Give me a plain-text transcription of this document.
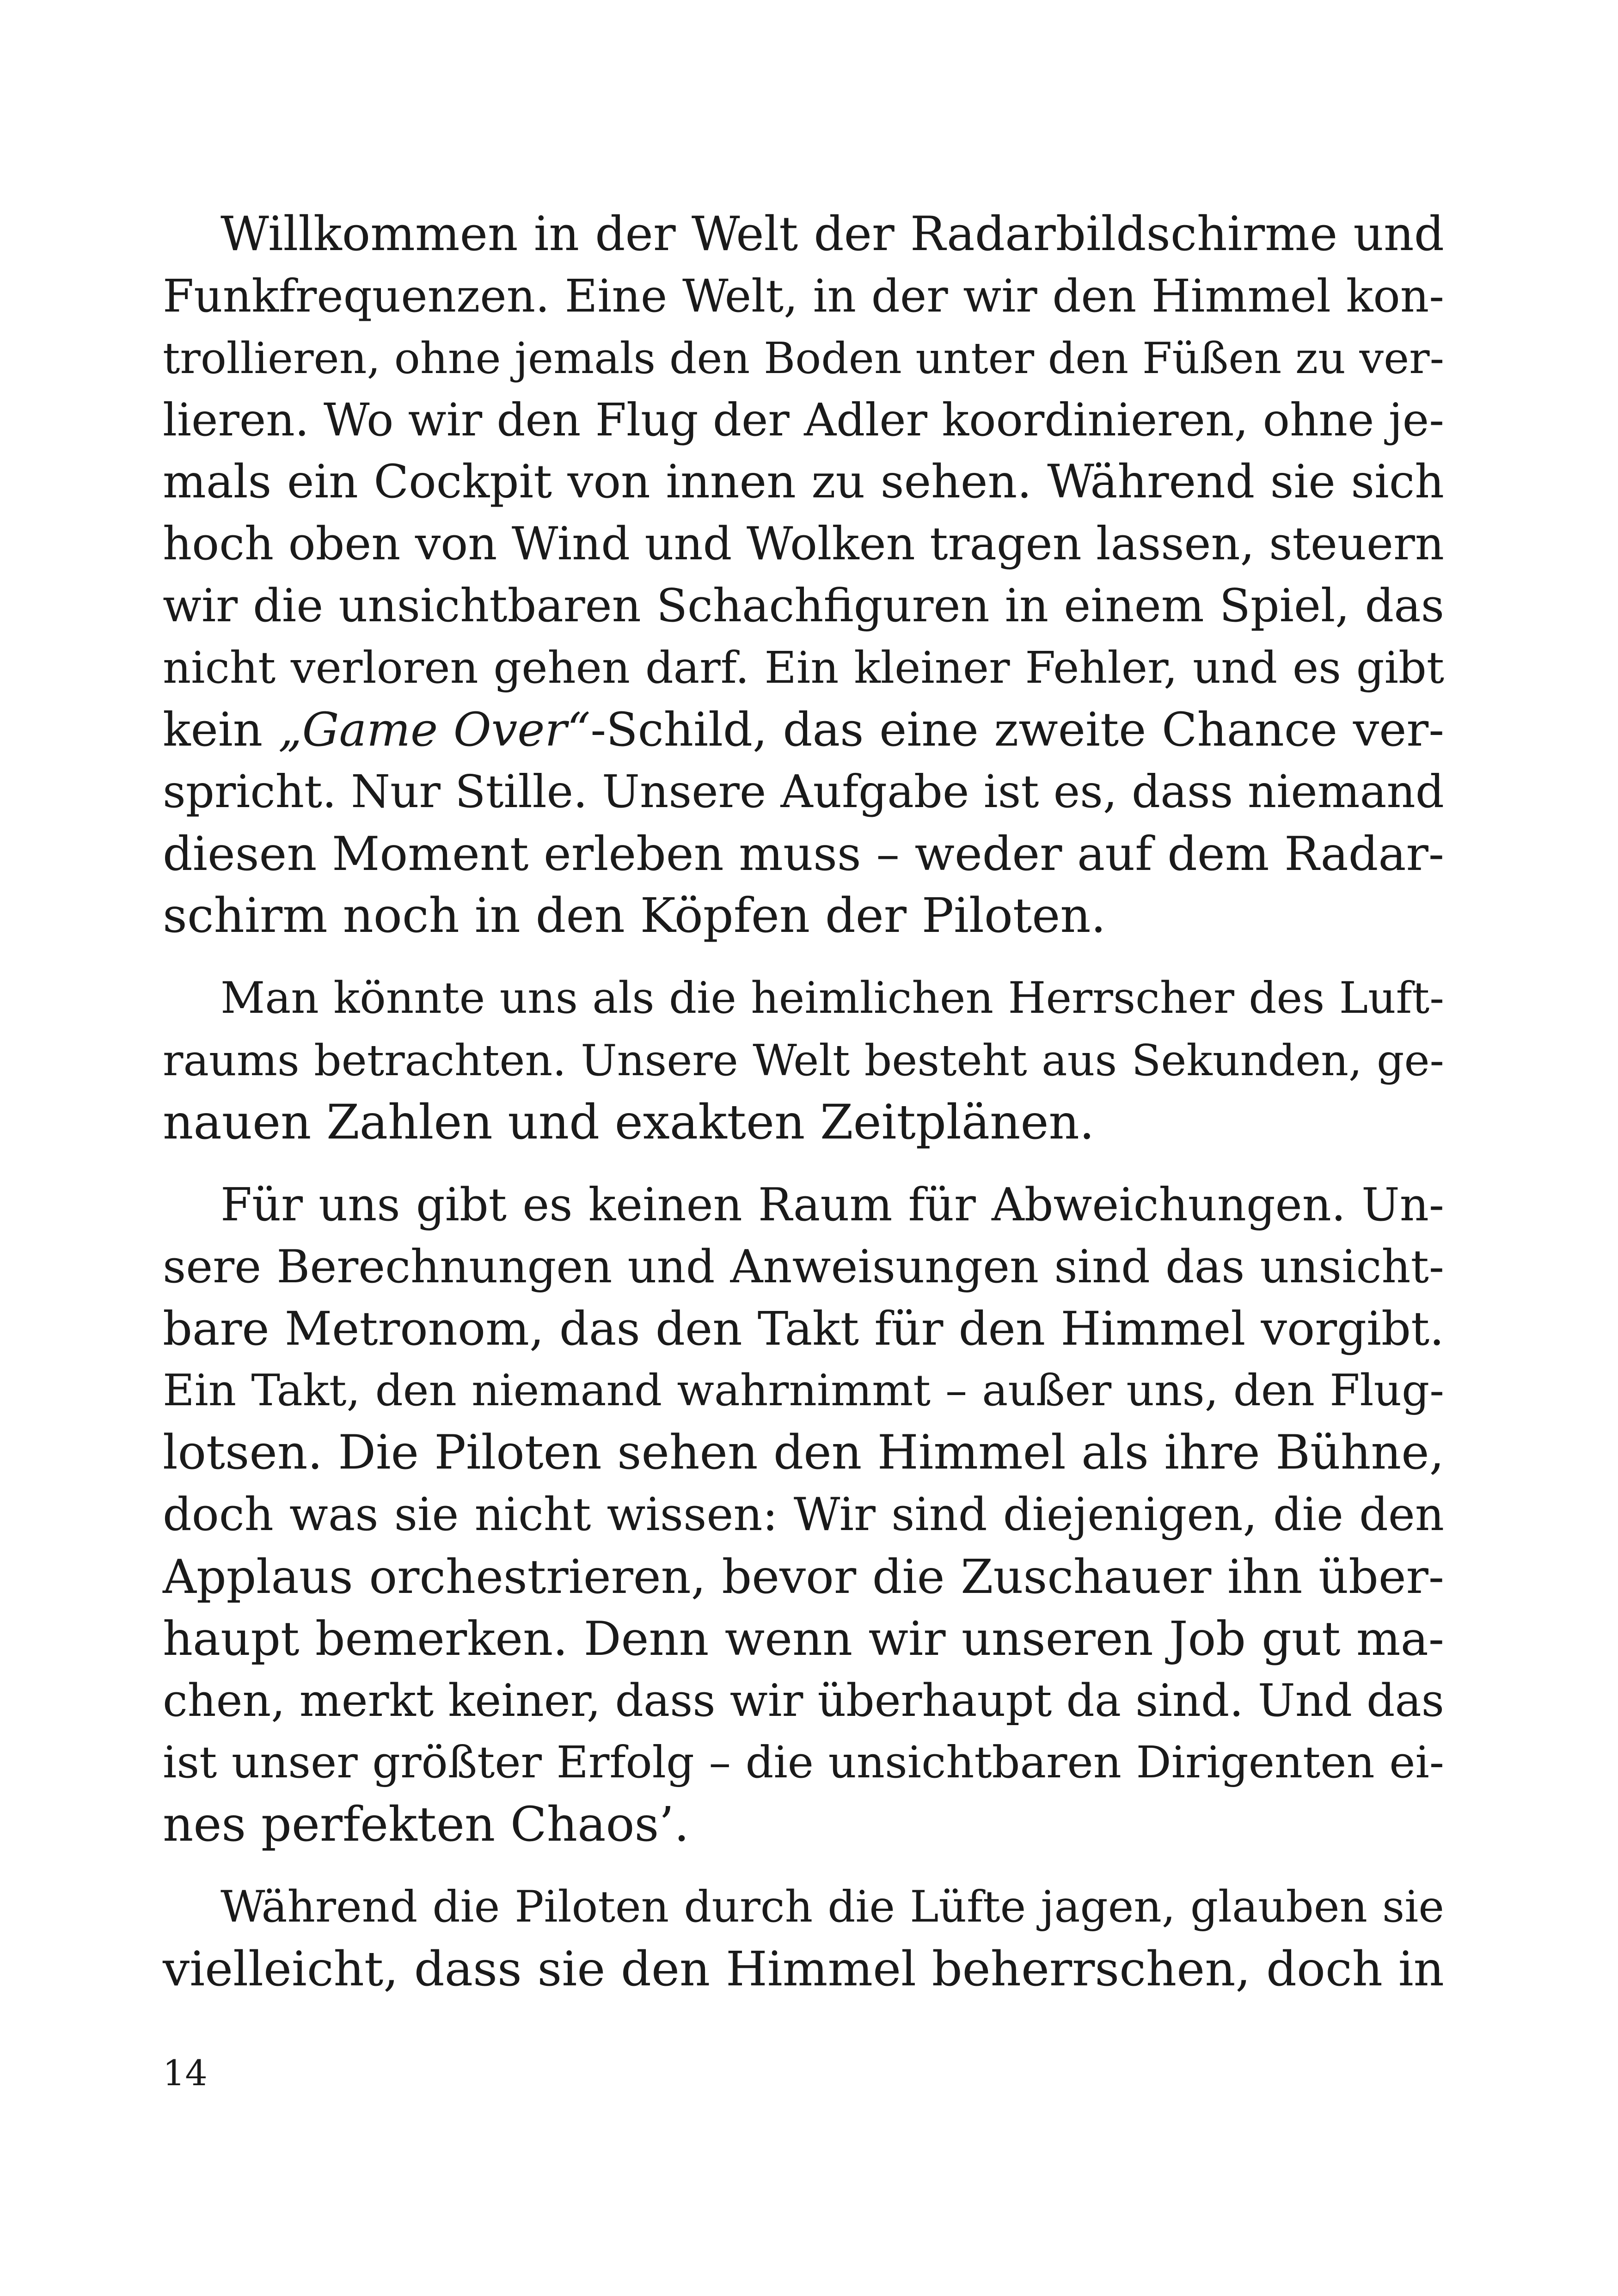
Willkommen in der Welt der Radarbildschirme und
Funkfrequenzen. Eine Welt, in der wir den Himmel kon-
trollieren, ohne jemals den Boden unter den Füßen zu ver-
lieren. Wo wir den Flug der Adler koordinieren, ohne je-
mals ein Cockpit von innen zu sehen. Während sie sich
hoch oben von Wind und Wolken tragen lassen, steuern
wir die unsichtbaren Schachfiguren in einem Spiel, das
nicht verloren gehen darf. Ein kleiner Fehler, und es gibt
kein „Game Over“-Schild, das eine zweite Chance ver-
spricht. Nur Stille. Unsere Aufgabe ist es, dass niemand
diesen Moment erleben muss – weder auf dem Radar-
schirm noch in den Köpfen der Piloten.
Man könnte uns als die heimlichen Herrscher des Luft-
raums betrachten. Unsere Welt besteht aus Sekunden, ge-
nauen Zahlen und exakten Zeitplänen.
Für uns gibt es keinen Raum für Abweichungen. Un-
sere Berechnungen und Anweisungen sind das unsicht-
bare Metronom, das den Takt für den Himmel vorgibt.
Ein Takt, den niemand wahrnimmt – außer uns, den Flug-
lotsen. Die Piloten sehen den Himmel als ihre Bühne,
doch was sie nicht wissen: Wir sind diejenigen, die den
Applaus orchestrieren, bevor die Zuschauer ihn über-
haupt bemerken. Denn wenn wir unseren Job gut ma-
chen, merkt keiner, dass wir überhaupt da sind. Und das
ist unser größter Erfolg – die unsichtbaren Dirigenten ei-
nes perfekten Chaos’.
Während die Piloten durch die Lüfte jagen, glauben sie
vielleicht, dass sie den Himmel beherrschen, doch in
14
